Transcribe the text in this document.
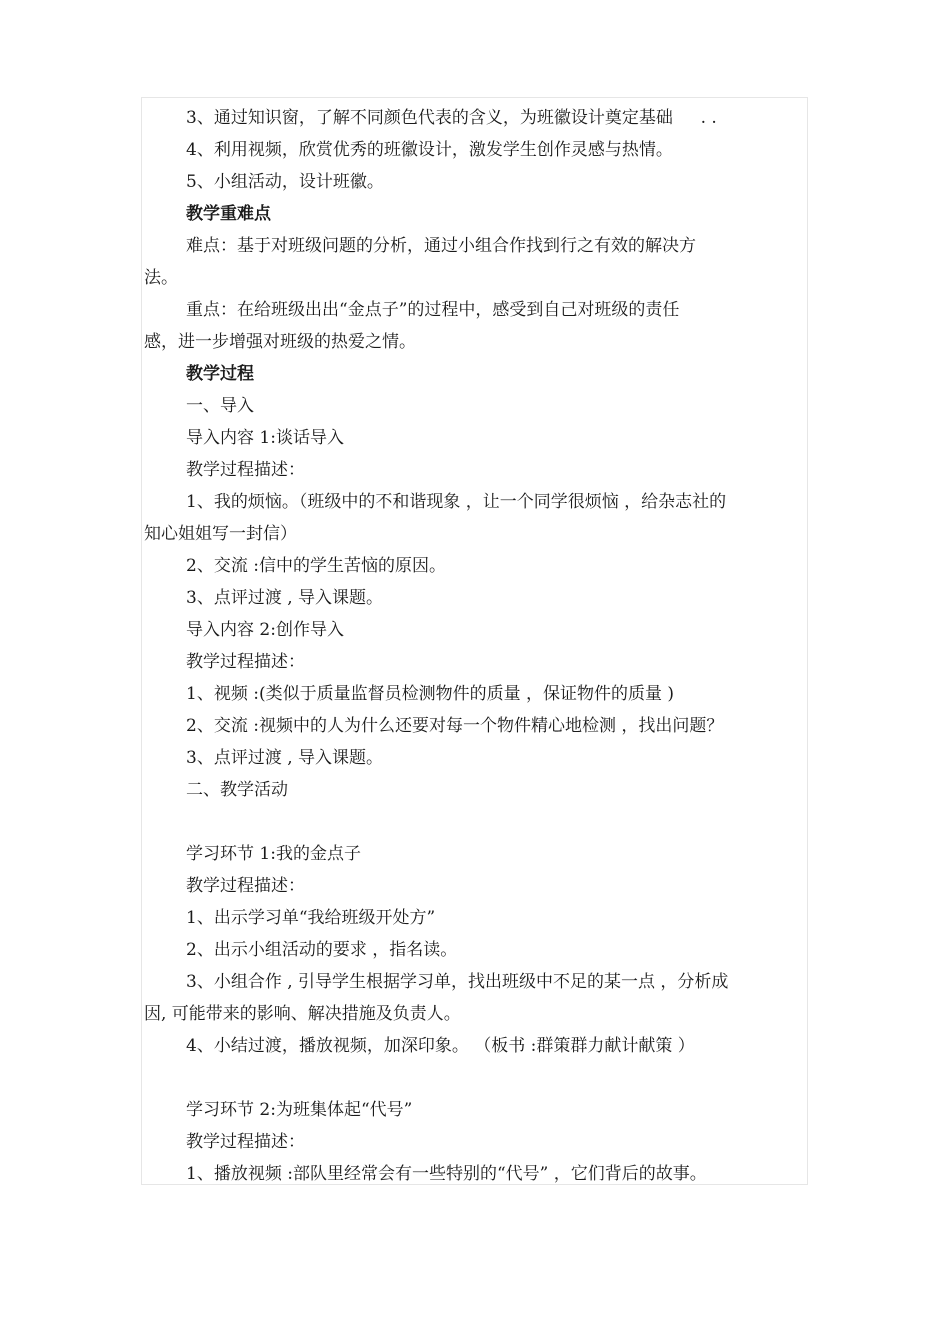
3、通过知识窗，了解不同颜色代表的含义，为班徽设计奠定基础 　 . .
4、利用视频，欣赏优秀的班徽设计，激发学生创作灵感与热情。
5、小组活动，设计班徽。
教学重难点
难点：基于对班级问题的分析，通过小组合作找到行之有效的解决方
法。
重点：在给班级出出“金点子”的过程中，感受到自己对班级的责任
感，进一步增强对班级的热爱之情。
教学过程
一、导入
导入内容 1:谈话导入
教学过程描述：
1、我的烦恼。（班级中的不和谐现象 ，让一个同学很烦恼 ，给杂志社的
知心姐姐写一封信）
2、交流 :信中的学生苦恼的原因。
3、点评过渡 , 导入课题。
导入内容 2:创作导入
教学过程描述：
1、视频 :(类似于质量监督员检测物件的质量 ，保证物件的质量 )
2、交流 :视频中的人为什么还要对每一个物件精心地检测 ，找出问题？
3、点评过渡 , 导入课题。
二、教学活动
学习环节 1:我的金点子
教学过程描述：
1、出示学习单“我给班级开处方”
2、出示小组活动的要求 ，指名读。
3、小组合作 , 引导学生根据学习单，找出班级中不足的某一点 ，分析成
因, 可能带来的影响、解决措施及负责人。
4、小结过渡，播放视频，加深印象。 （板书 :群策群力献计献策 ）
学习环节 2:为班集体起“代号”
教学过程描述：
1、播放视频 :部队里经常会有一些特别的“代号” ，它们背后的故事。
